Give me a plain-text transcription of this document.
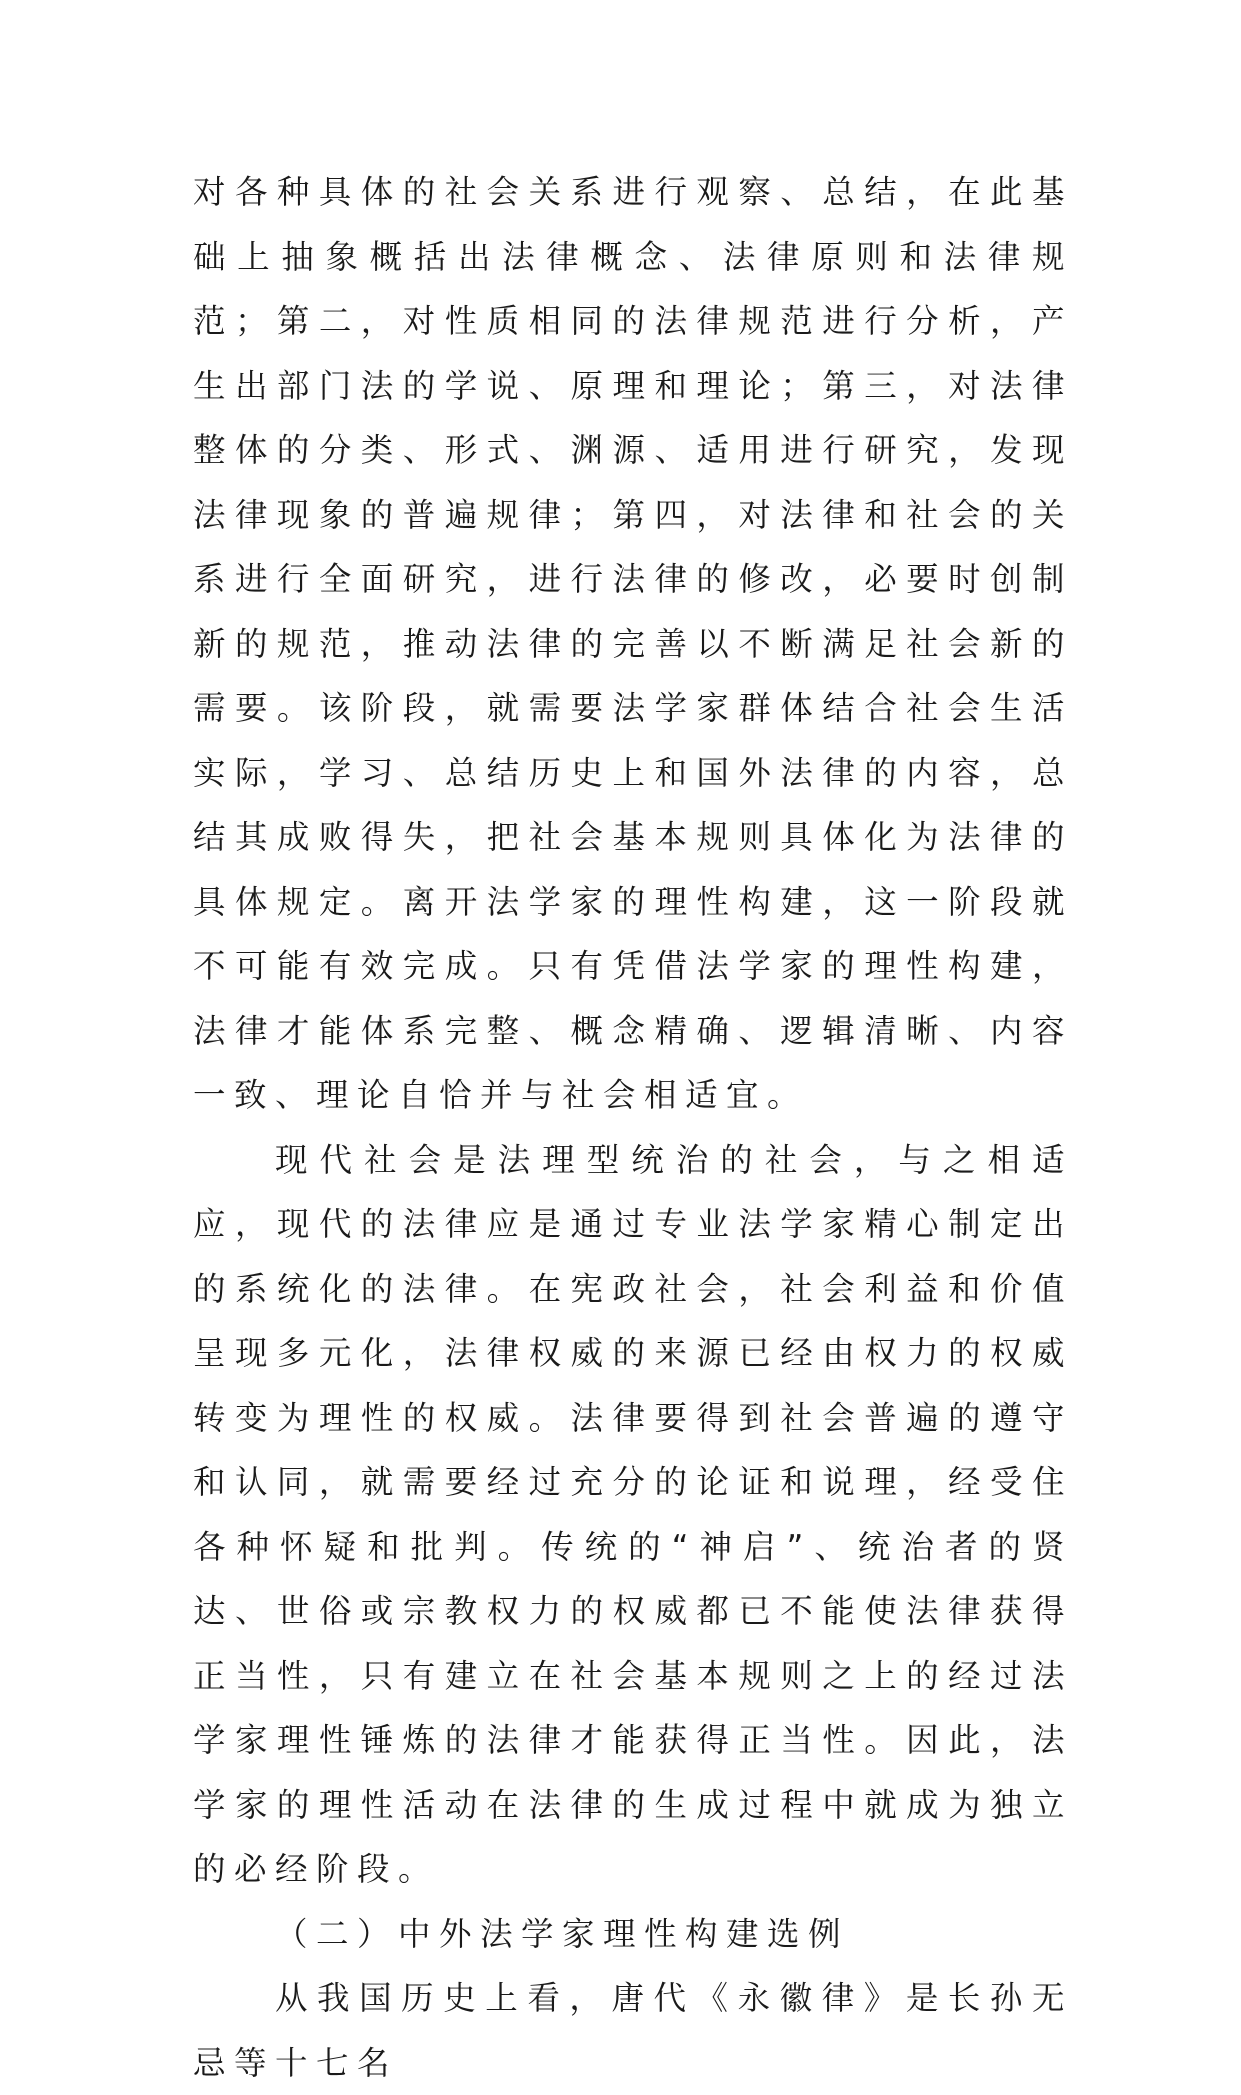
对各种具体的社会关系进行观察、总结，在此基础上抽象概括出法律概念、法律原则和法律规范；第二，对性质相同的法律规范进行分析，产生出部门法的学说、原理和理论；第三，对法律整体的分类、形式、渊源、适用进行研究，发现法律现象的普遍规律；第四，对法律和社会的关系进行全面研究，进行法律的修改，必要时创制新的规范，推动法律的完善以不断满足社会新的需要。该阶段，就需要法学家群体结合社会生活实际，学习、总结历史上和国外法律的内容，总结其成败得失，把社会基本规则具体化为法律的具体规定。离开法学家的理性构建，这一阶段就不可能有效完成。只有凭借法学家的理性构建，法律才能体系完整、概念精确、逻辑清晰、内容一致、理论自恰并与社会相适宜。

现代社会是法理型统治的社会，与之相适应，现代的法律应是通过专业法学家精心制定出的系统化的法律。在宪政社会，社会利益和价值呈现多元化，法律权威的来源已经由权力的权威转变为理性的权威。法律要得到社会普遍的遵守和认同，就需要经过充分的论证和说理，经受住各种怀疑和批判。传统的“神启”、统治者的贤达、世俗或宗教权力的权威都已不能使法律获得正当性，只有建立在社会基本规则之上的经过法学家理性锤炼的法律才能获得正当性。因此，法学家的理性活动在法律的生成过程中就成为独立的必经阶段。

（二）中外法学家理性构建选例

从我国历史上看，唐代《永徽律》是长孙无忌等十七名
